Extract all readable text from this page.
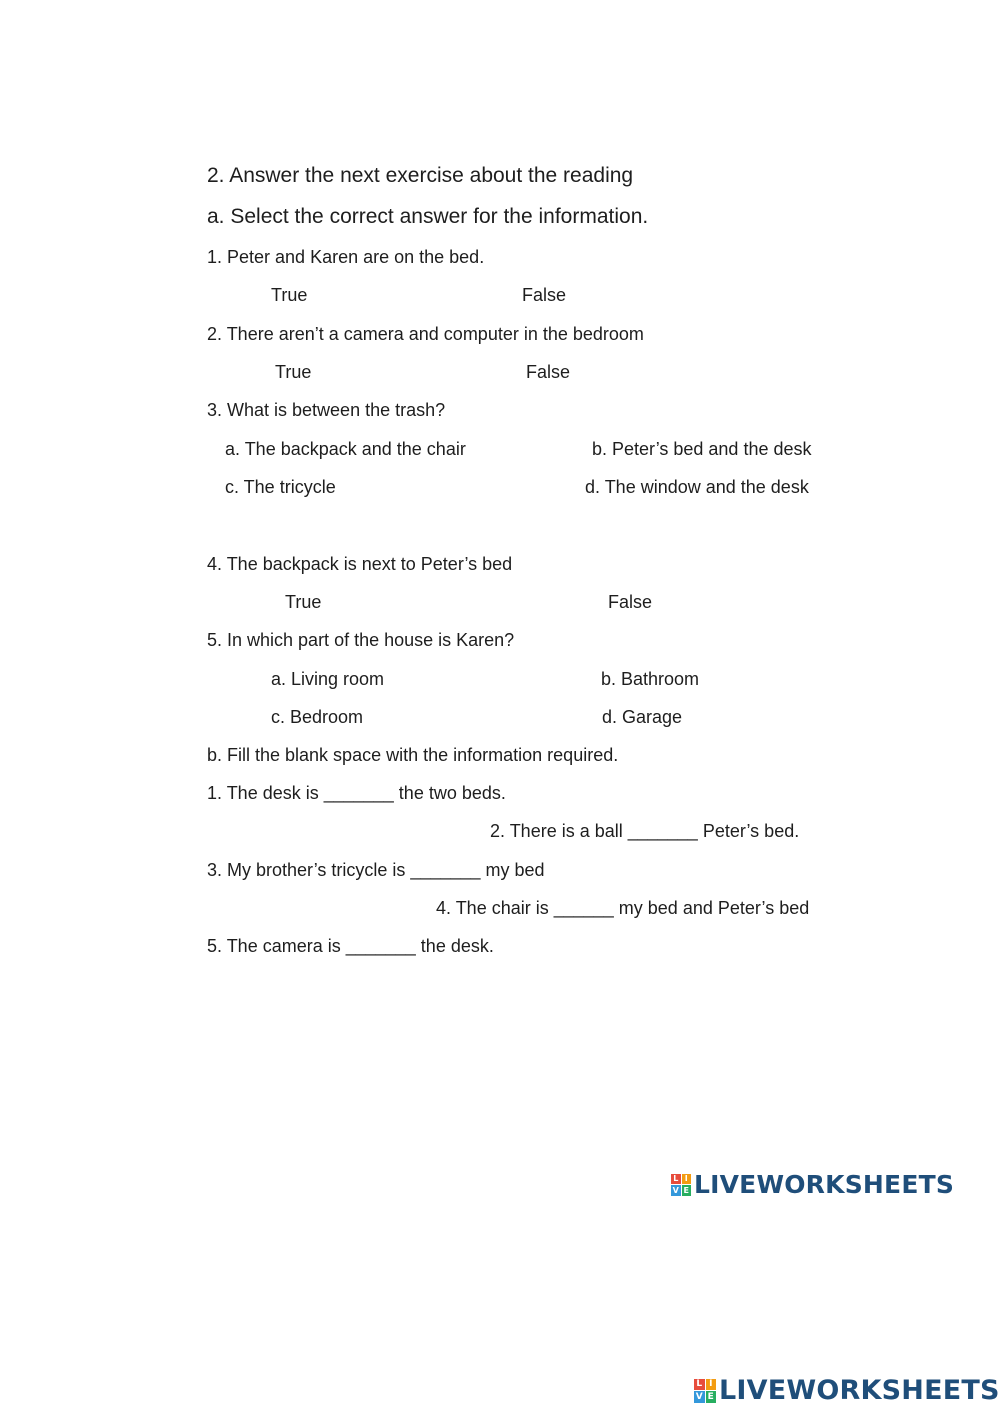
2. Answer the next exercise about the reading
a. Select the correct answer for the information.
1. Peter and Karen are on the bed.
True	False
2. There aren’t a camera and computer in the bedroom
True	False
3. What is between the trash?
a. The backpack and the chair	b. Peter’s bed and the desk
c. The tricycle	d. The window and the desk
4. The backpack is next to Peter’s bed
True	False
5. In which part of the house is Karen?
a. Living room	b. Bathroom
c. Bedroom	d. Garage
b. Fill the blank space with the information required.
1. The desk is _______ the two beds.
2. There is a ball _______ Peter’s bed.
3. My brother’s tricycle is _______ my bed
4. The chair is ______ my bed and Peter’s bed
5. The camera is _______ the desk.
L I
V E LIVEWORKSHEETS
L I
V E LIVEWORKSHEETS
